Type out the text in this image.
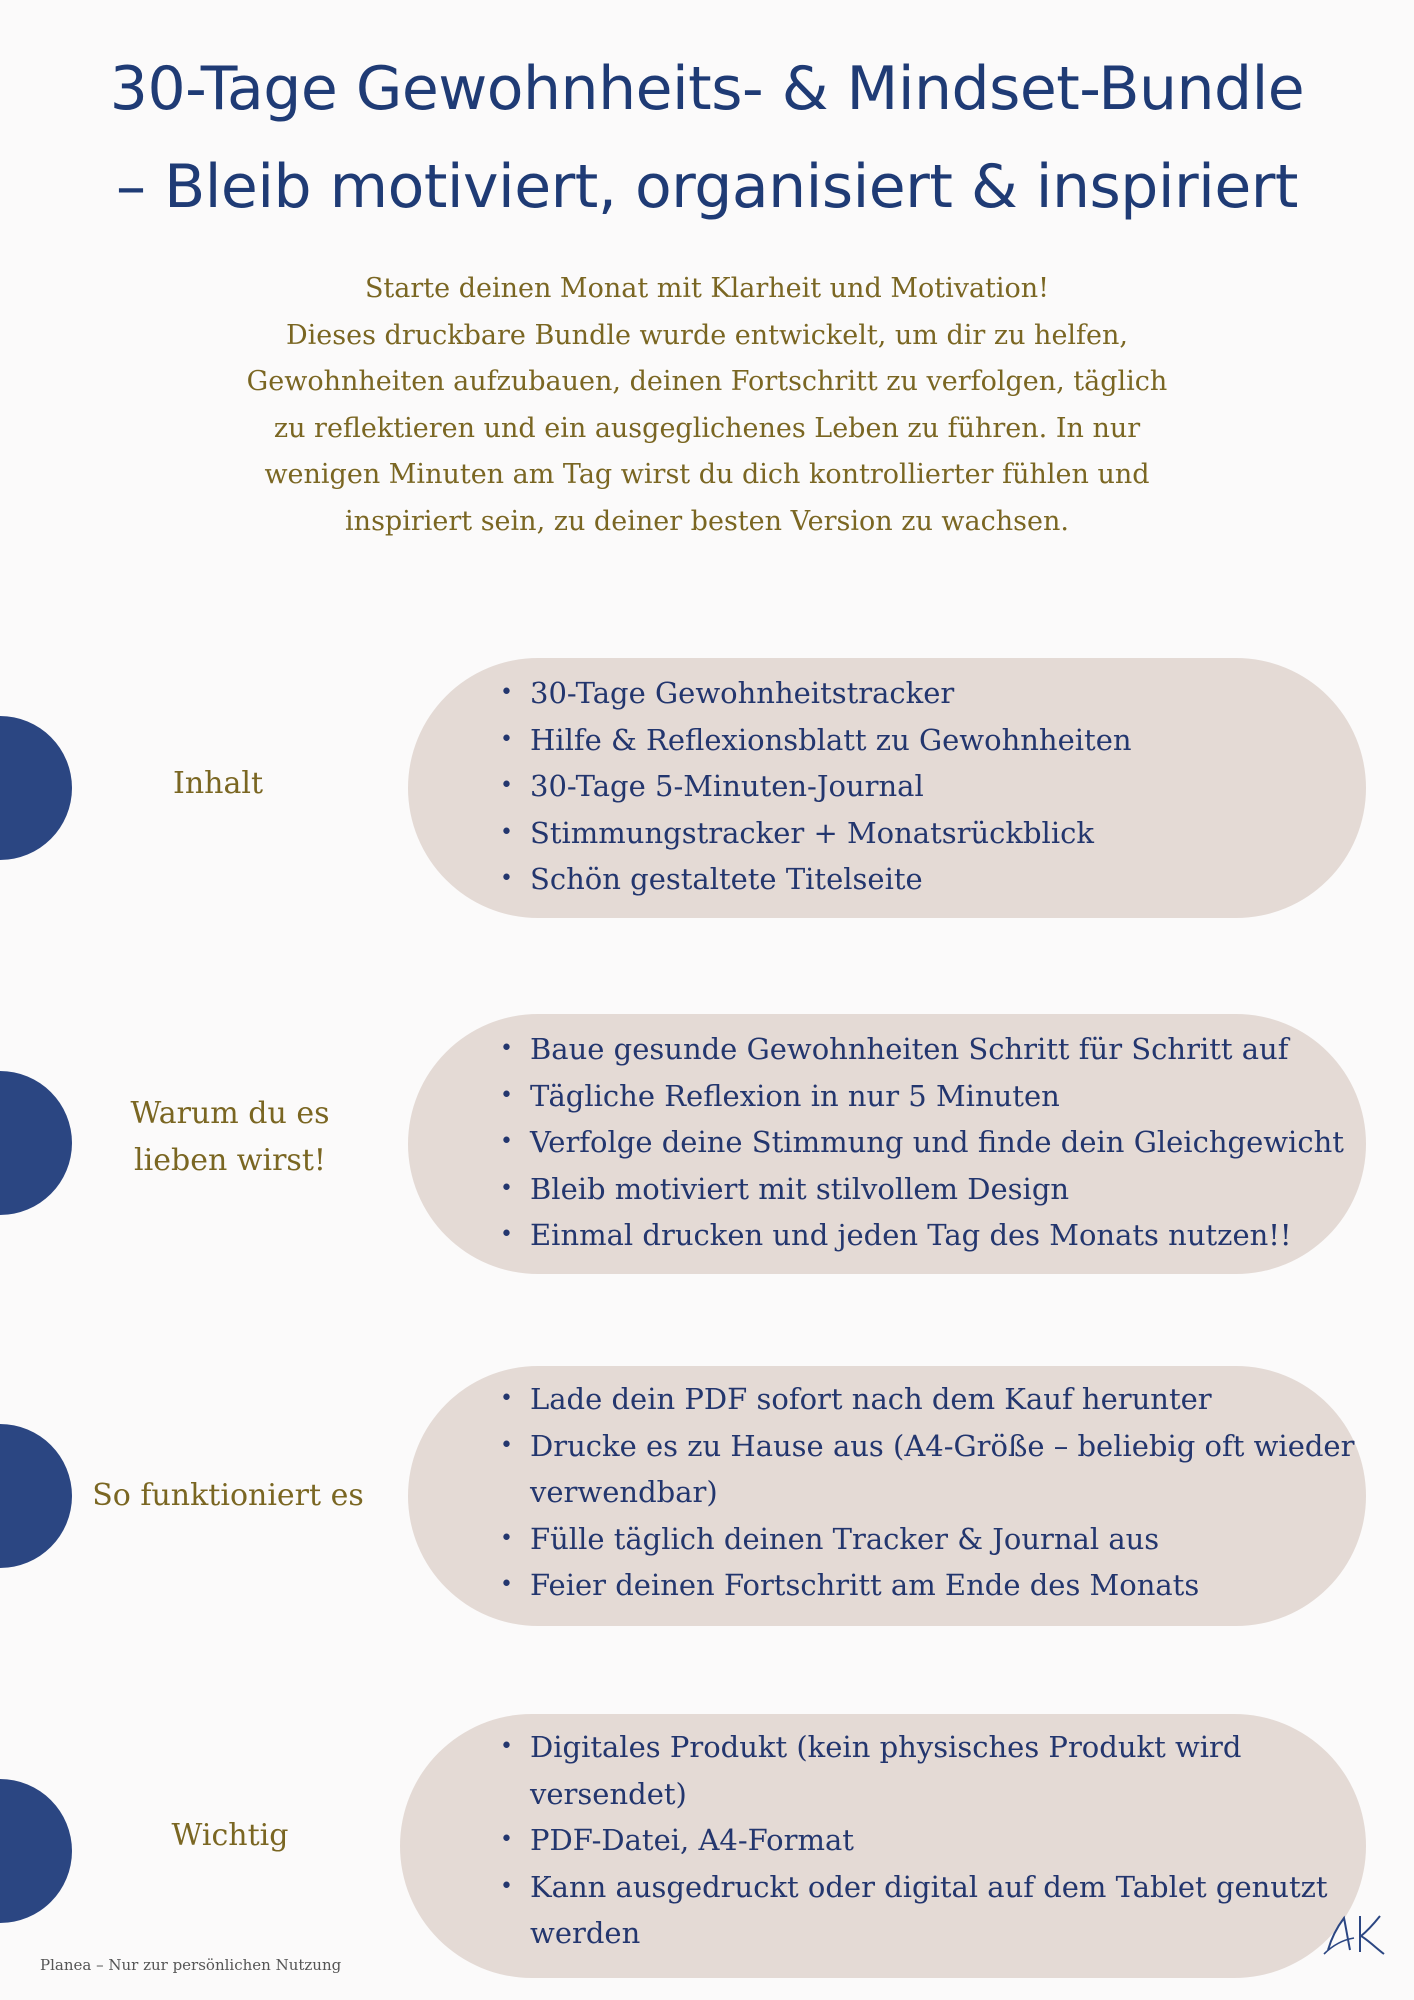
30-Tage Gewohnheits- & Mindset-Bundle
– Bleib motiviert, organisiert & inspiriert
Starte deinen Monat mit Klarheit und Motivation!
Dieses druckbare Bundle wurde entwickelt, um dir zu helfen,
Gewohnheiten aufzubauen, deinen Fortschritt zu verfolgen, täglich
zu reflektieren und ein ausgeglichenes Leben zu führen. In nur
wenigen Minuten am Tag wirst du dich kontrollierter fühlen und
inspiriert sein, zu deiner besten Version zu wachsen.
Inhalt
• 30-Tage Gewohnheitstracker
• Hilfe & Reflexionsblatt zu Gewohnheiten
• 30-Tage 5-Minuten-Journal
• Stimmungstracker + Monatsrückblick
• Schön gestaltete Titelseite
Warum du es
lieben wirst!
• Baue gesunde Gewohnheiten Schritt für Schritt auf
• Tägliche Reflexion in nur 5 Minuten
• Verfolge deine Stimmung und finde dein Gleichgewicht
• Bleib motiviert mit stilvollem Design
• Einmal drucken und jeden Tag des Monats nutzen!!
So funktioniert es
• Lade dein PDF sofort nach dem Kauf herunter
• Drucke es zu Hause aus (A4-Größe – beliebig oft wieder
verwendbar)
• Fülle täglich deinen Tracker & Journal aus
• Feier deinen Fortschritt am Ende des Monats
Wichtig
• Digitales Produkt (kein physisches Produkt wird
versendet)
• PDF-Datei, A4-Format
• Kann ausgedruckt oder digital auf dem Tablet genutzt
werden
Planea – Nur zur persönlichen Nutzung
